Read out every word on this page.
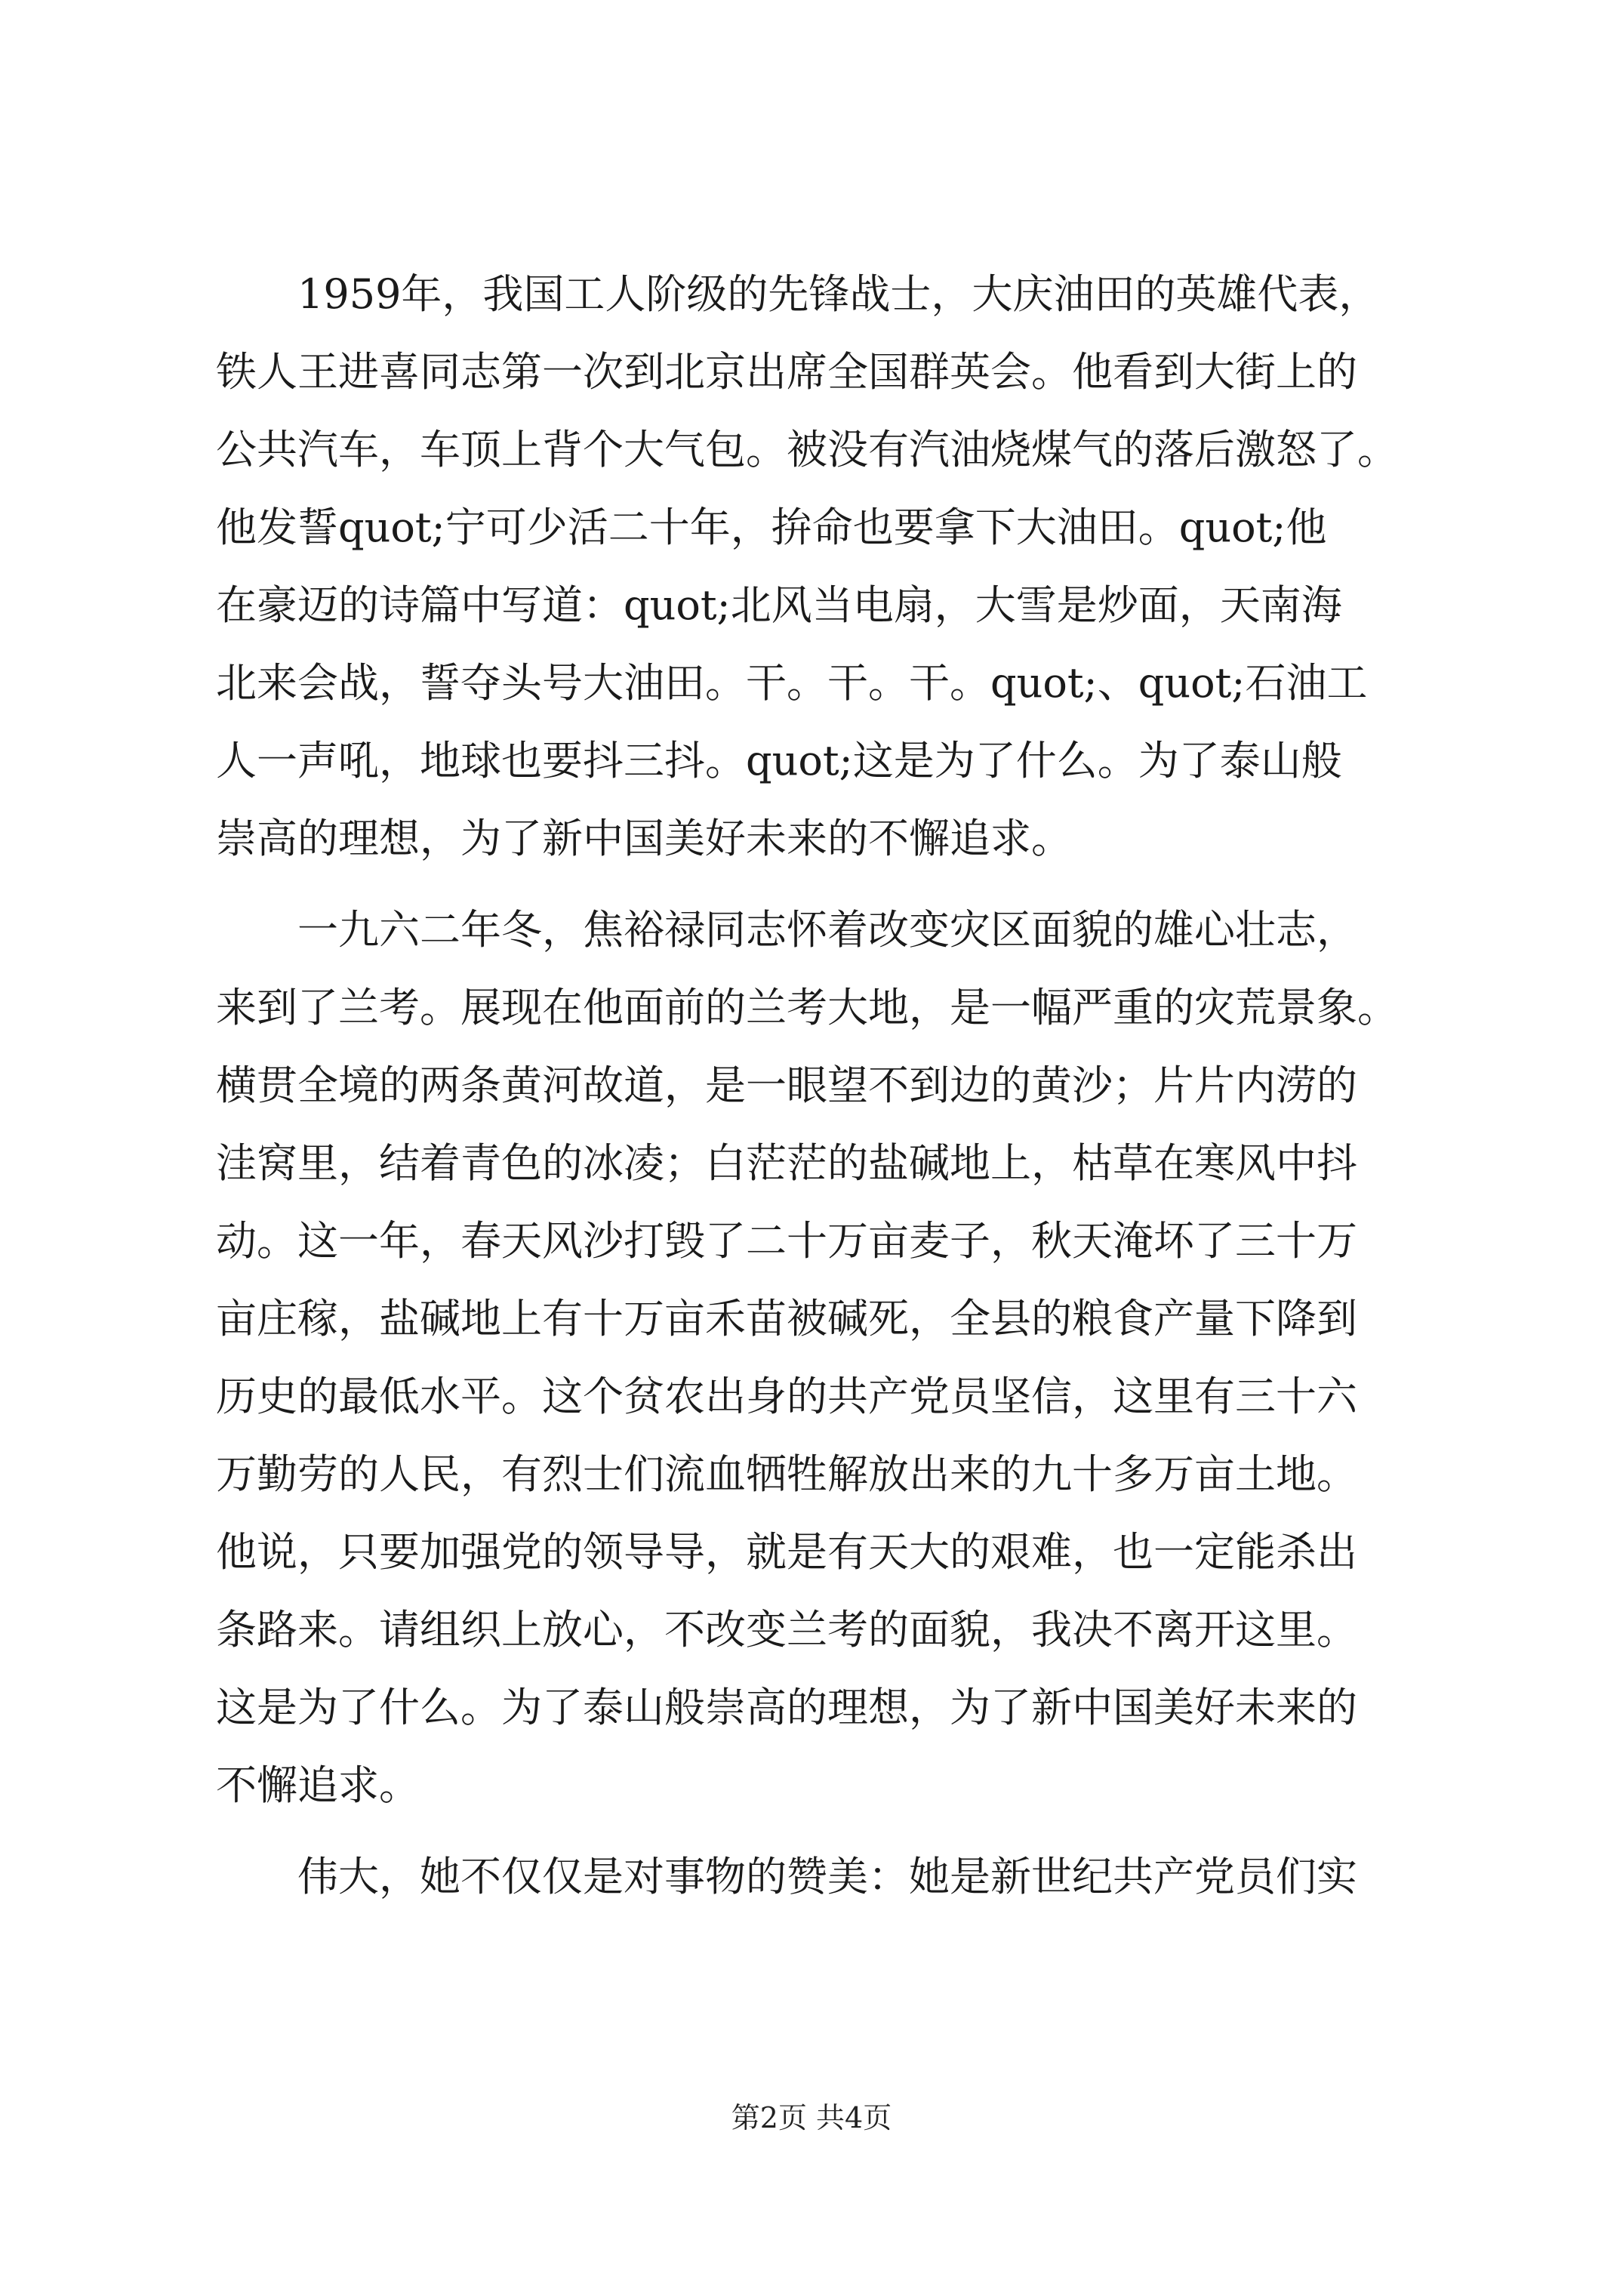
　　1959年，我国工人阶级的先锋战士，大庆油田的英雄代表，
铁人王进喜同志第一次到北京出席全国群英会。他看到大街上的
公共汽车，车顶上背个大气包。被没有汽油烧煤气的落后激怒了。
他发誓quot;宁可少活二十年，拚命也要拿下大油田。quot;他
在豪迈的诗篇中写道：quot;北风当电扇，大雪是炒面，天南海
北来会战，誓夺头号大油田。干。干。干。quot;、quot;石油工
人一声吼，地球也要抖三抖。quot;这是为了什么。为了泰山般
崇高的理想，为了新中国美好未来的不懈追求。
　　一九六二年冬，焦裕禄同志怀着改变灾区面貌的雄心壮志，
来到了兰考。展现在他面前的兰考大地，是一幅严重的灾荒景象。
横贯全境的两条黄河故道，是一眼望不到边的黄沙；片片内涝的
洼窝里，结着青色的冰凌；白茫茫的盐碱地上，枯草在寒风中抖
动。这一年，春天风沙打毁了二十万亩麦子，秋天淹坏了三十万
亩庄稼，盐碱地上有十万亩禾苗被碱死，全县的粮食产量下降到
历史的最低水平。这个贫农出身的共产党员坚信，这里有三十六
万勤劳的人民，有烈士们流血牺牲解放出来的九十多万亩土地。
他说，只要加强党的领导导，就是有天大的艰难，也一定能杀出
条路来。请组织上放心，不改变兰考的面貌，我决不离开这里。
这是为了什么。为了泰山般崇高的理想，为了新中国美好未来的
不懈追求。
　　伟大，她不仅仅是对事物的赞美：她是新世纪共产党员们实
第2页 共4页
